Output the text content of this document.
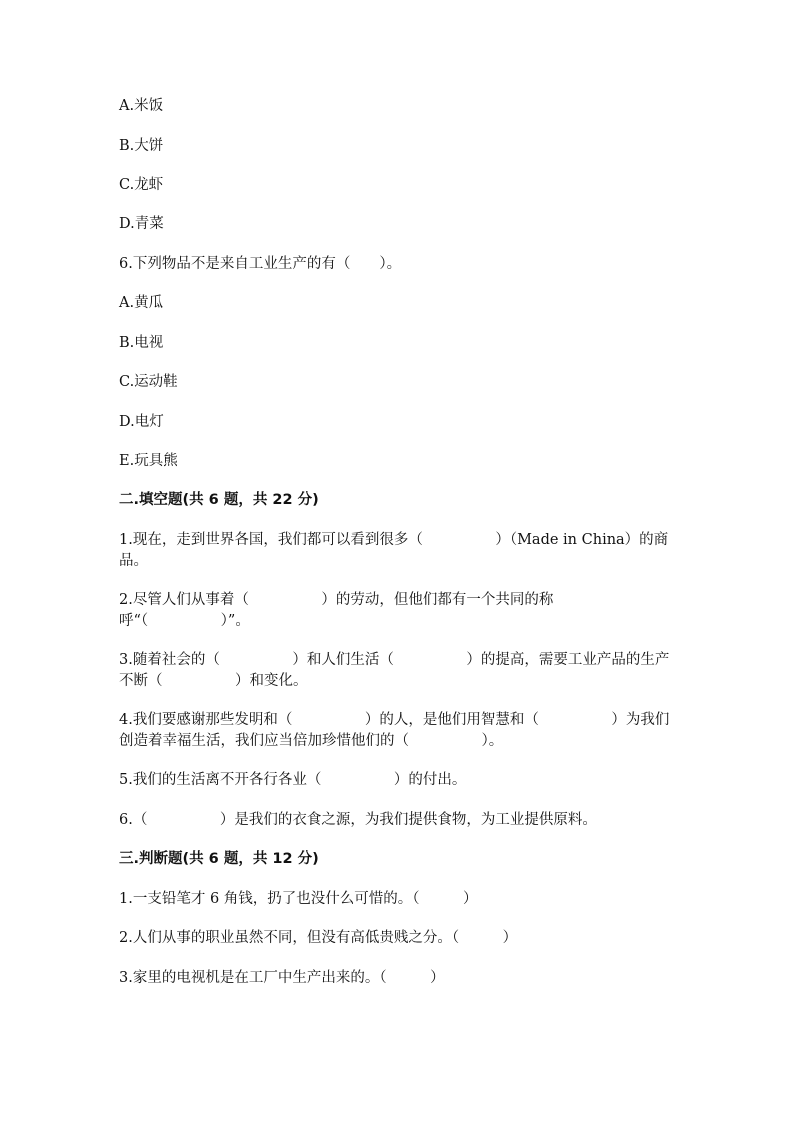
A.米饭
B.大饼
C.龙虾
D.青菜
6.下列物品不是来自工业生产的有（　　）。
A.黄瓜
B.电视
C.运动鞋
D.电灯
E.玩具熊
二.填空题(共 6 题，共 22 分)
1.现在，走到世界各国，我们都可以看到很多（　　　　　）（Made in China）的商品。
2.尽管人们从事着（　　　　　）的劳动，但他们都有一个共同的称呼“（　　　　　）”。
3.随着社会的（　　　　　）和人们生活（　　　　　）的提高，需要工业产品的生产不断（　　　　　）和变化。
4.我们要感谢那些发明和（　　　　　）的人，是他们用智慧和（　　　　　）为我们创造着幸福生活，我们应当倍加珍惜他们的（　　　　　）。
5.我们的生活离不开各行各业（　　　　　）的付出。
6.（　　　　　）是我们的衣食之源，为我们提供食物，为工业提供原料。
三.判断题(共 6 题，共 12 分)
1.一支铅笔才 6 角钱，扔了也没什么可惜的。（　　　）
2.人们从事的职业虽然不同，但没有高低贵贱之分。（　　　）
3.家里的电视机是在工厂中生产出来的。（　　　）
